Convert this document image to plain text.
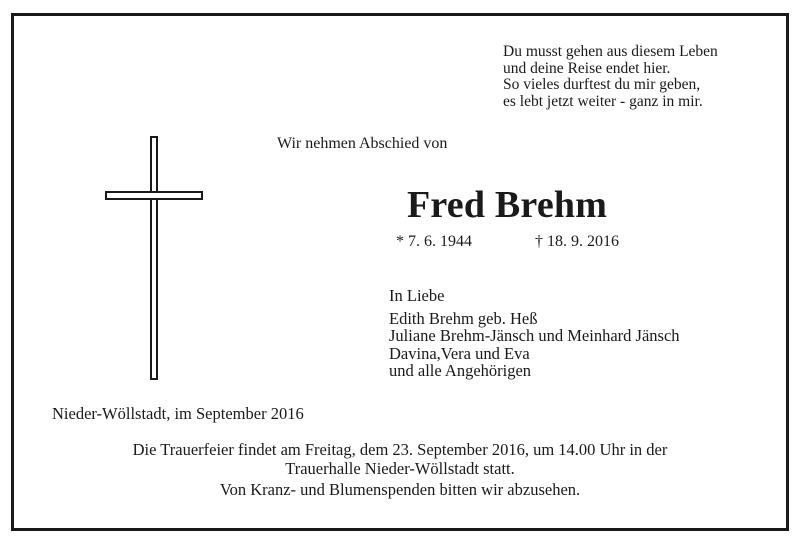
Du musst gehen aus diesem Leben
und deine Reise endet hier.
So vieles durftest du mir geben,
es lebt jetzt weiter - ganz in mir.
Wir nehmen Abschied von
Fred Brehm
* 7. 6. 1944	† 18. 9. 2016
In Liebe
Edith Brehm geb. Heß
Juliane Brehm-Jänsch und Meinhard Jänsch
Davina,Vera und Eva
und alle Angehörigen
Nieder-Wöllstadt, im September 2016
Die Trauerfeier findet am Freitag, dem 23. September 2016, um 14.00 Uhr in der
Trauerhalle Nieder-Wöllstadt statt.
Von Kranz- und Blumenspenden bitten wir abzusehen.
